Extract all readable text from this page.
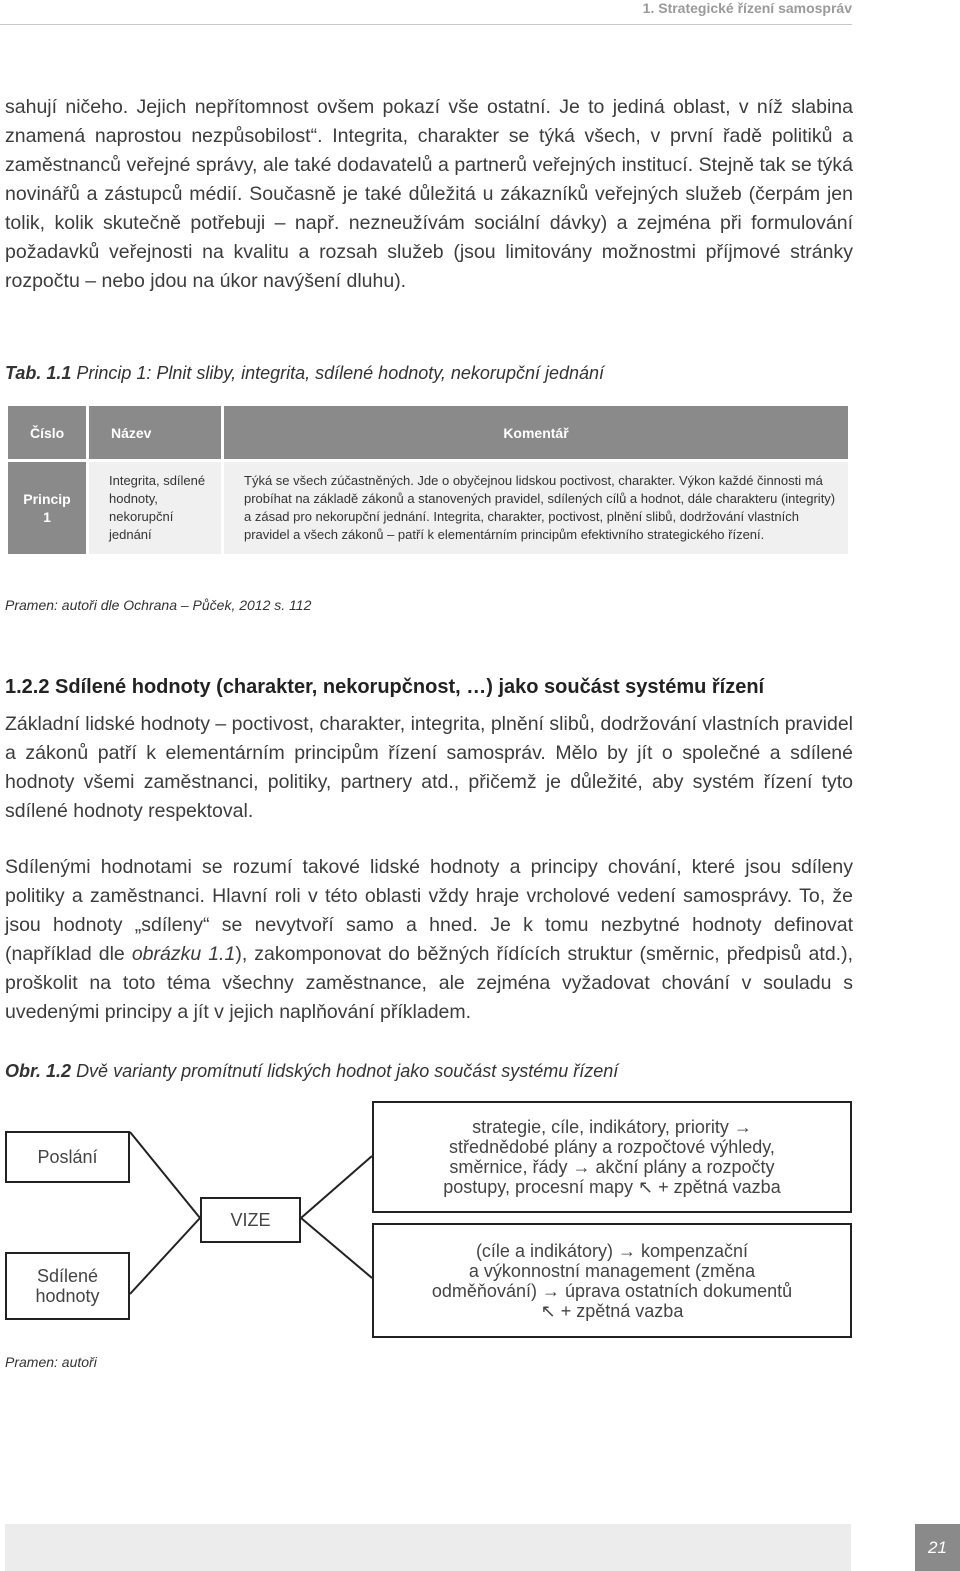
1. Strategické řízení samospráv

sahují ničeho. Jejich nepřítomnost ovšem pokazí vše ostatní. Je to jediná oblast, v níž slabina znamená naprostou nezpůsobilost“. Integrita, charakter se týká všech, v první řadě politiků a zaměstnanců veřejné správy, ale také dodavatelů a partnerů veřejných institucí. Stejně tak se týká novinářů a zástupců médií. Současně je také důležitá u zákazníků veřejných služeb (čerpám jen tolik, kolik skutečně potřebuji – např. nezneužívám sociální dávky) a zejména při formulování požadavků veřejnosti na kvalitu a rozsah služeb (jsou limitovány možnostmi příjmové stránky rozpočtu – nebo jdou na úkor navýšení dluhu).

Tab. 1.1 Princip 1: Plnit sliby, integrita, sdílené hodnoty, nekorupční jednání

Číslo	Název	Komentář
Princip 1	Integrita, sdílené hodnoty, nekorupční jednání	Týká se všech zúčastněných. Jde o obyčejnou lidskou poctivost, charakter. Výkon každé činnosti má probíhat na základě zákonů a stanovených pravidel, sdílených cílů a hodnot, dále charakteru (integrity) a zásad pro nekorupční jednání. Integrita, charakter, poctivost, plnění slibů, dodržování vlastních pravidel a všech zákonů – patří k elementárním principům efektivního strategického řízení.

Pramen: autoři dle Ochrana – Půček, 2012 s. 112

1.2.2 Sdílené hodnoty (charakter, nekorupčnost, …) jako součást systému řízení

Základní lidské hodnoty – poctivost, charakter, integrita, plnění slibů, dodržování vlastních pravidel a zákonů patří k elementárním principům řízení samospráv. Mělo by jít o společné a sdílené hodnoty všemi zaměstnanci, politiky, partnery atd., přičemž je důležité, aby systém řízení tyto sdílené hodnoty respektoval.

Sdílenými hodnotami se rozumí takové lidské hodnoty a principy chování, které jsou sdíleny politiky a zaměstnanci. Hlavní roli v této oblasti vždy hraje vrcholové vedení samosprávy. To, že jsou hodnoty „sdíleny“ se nevytvoří samo a hned. Je k tomu nezbytné hodnoty definovat (například dle obrázku 1.1), zakomponovat do běžných řídících struktur (směrnic, předpisů atd.), proškolit na toto téma všechny zaměstnance, ale zejména vyžadovat chování v souladu s uvedenými principy a jít v jejich naplňování příkladem.

Obr. 1.2 Dvě varianty promítnutí lidských hodnot jako součást systému řízení

Poslání
Sdílené
hodnoty
VIZE
strategie, cíle, indikátory, priority →
střednědobé plány a rozpočtové výhledy,
směrnice, řády → akční plány a rozpočty
postupy, procesní mapy ↖ + zpětná vazba
(cíle a indikátory) → kompenzační
a výkonnostní management (změna
odměňování) → úprava ostatních dokumentů
↖ + zpětná vazba

Pramen: autoři

21
